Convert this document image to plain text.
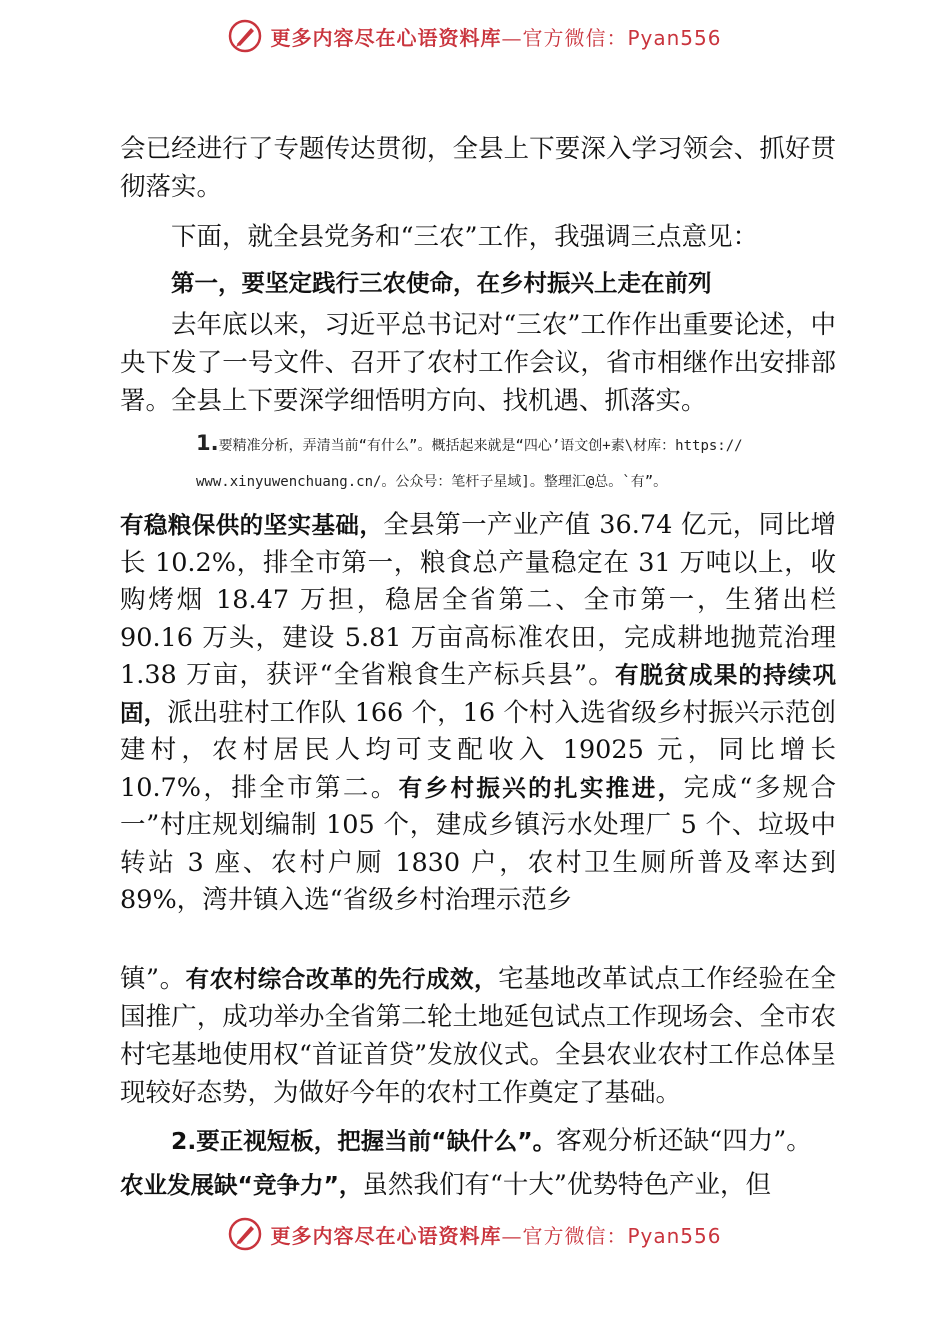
更多内容尽在心语资料库—官方微信：Pyan556

会已经进行了专题传达贯彻，全县上下要深入学习领会、抓好贯彻落实。

下面，就全县党务和“三农”工作，我强调三点意见：

第一，要坚定践行三农使命，在乡村振兴上走在前列

去年底以来，习近平总书记对“三农”工作作出重要论述，中央下发了一号文件、召开了农村工作会议，省市相继作出安排部署。全县上下要深学细悟明方向、找机遇、抓落实。

1.要精准分析，弄清当前“有什么”。概括起来就是“四心’语文创+素\材库：https://
www.xinyuwenchuang.cn/。公众号：笔杆子星域]。整理汇@总。`有”。

有稳粮保供的坚实基础，全县第一产业产值 36.74 亿元，同比增长 10.2%，排全市第一，粮食总产量稳定在 31 万吨以上，收购烤烟 18.47 万担，稳居全省第二、全市第一，生猪出栏 90.16 万头，建设 5.81 万亩高标准农田，完成耕地抛荒治理 1.38 万亩，获评“全省粮食生产标兵县”。有脱贫成果的持续巩固，派出驻村工作队 166 个，16 个村入选省级乡村振兴示范创建村，农村居民人均可支配收入 19025 元，同比增长 10.7%，排全市第二。有乡村振兴的扎实推进，完成“多规合一”村庄规划编制 105 个，建成乡镇污水处理厂 5 个、垃圾中转站 3 座、农村户厕 1830 户，农村卫生厕所普及率达到 89%，湾井镇入选“省级乡村治理示范乡

镇”。有农村综合改革的先行成效，宅基地改革试点工作经验在全国推广，成功举办全省第二轮土地延包试点工作现场会、全市农村宅基地使用权“首证首贷”发放仪式。全县农业农村工作总体呈现较好态势，为做好今年的农村工作奠定了基础。

2.要正视短板，把握当前“缺什么”。客观分析还缺“四力”。

农业发展缺“竞争力”，虽然我们有“十大”优势特色产业，但

更多内容尽在心语资料库—官方微信：Pyan556
